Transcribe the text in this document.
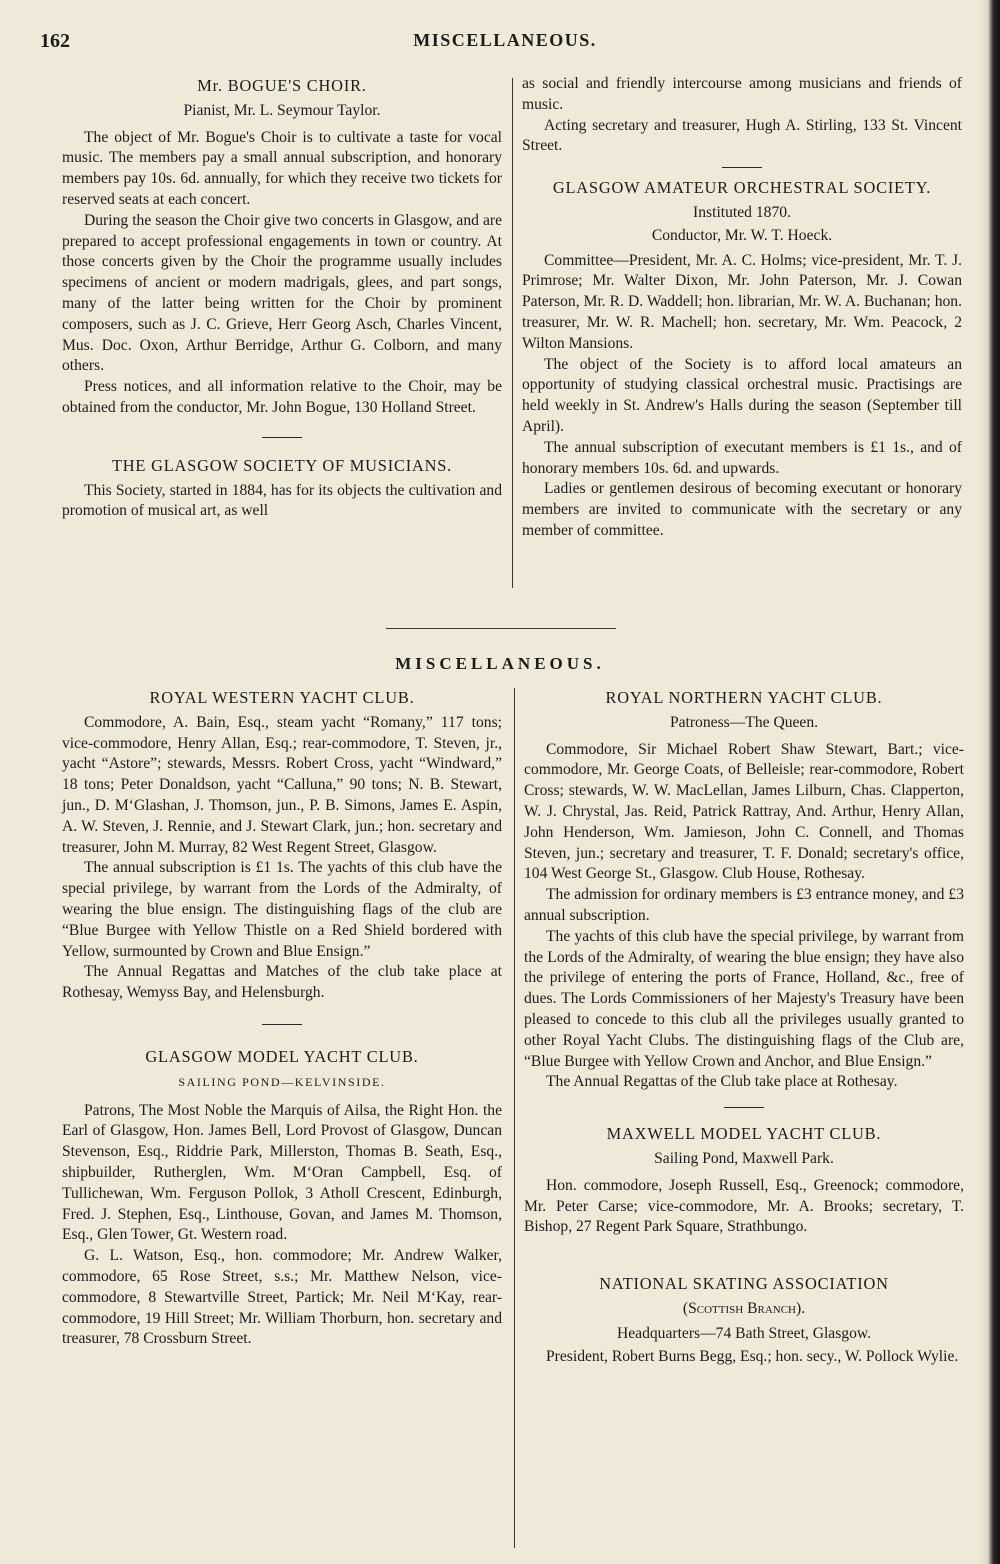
162	MISCELLANEOUS.
Mr. BOGUE'S CHOIR.
Pianist, Mr. L. Seymour Taylor.

The object of Mr. Bogue's Choir is to cultivate a taste for vocal music. The members pay a small annual subscription, and honorary members pay 10s. 6d. annually, for which they receive two tickets for reserved seats at each concert.

During the season the Choir give two concerts in Glasgow, and are prepared to accept professional engagements in town or country. At those concerts given by the Choir the programme usually includes specimens of ancient or modern madrigals, glees, and part songs, many of the latter being written for the Choir by prominent composers, such as J. C. Grieve, Herr Georg Asch, Charles Vincent, Mus. Doc. Oxon, Arthur Berridge, Arthur G. Colborn, and many others.

Press notices, and all information relative to the Choir, may be obtained from the conductor, Mr. John Bogue, 130 Holland Street.

THE GLASGOW SOCIETY OF MUSICIANS.

This Society, started in 1884, has for its objects the cultivation and promotion of musical art, as well

as social and friendly intercourse among musicians and friends of music.

Acting secretary and treasurer, Hugh A. Stirling, 133 St. Vincent Street.

GLASGOW AMATEUR ORCHESTRAL SOCIETY.
Instituted 1870.
Conductor, Mr. W. T. Hoeck.

Committee—President, Mr. A. C. Holms; vice-president, Mr. T. J. Primrose; Mr. Walter Dixon, Mr. John Paterson, Mr. J. Cowan Paterson, Mr. R. D. Waddell; hon. librarian, Mr. W. A. Buchanan; hon. treasurer, Mr. W. R. Machell; hon. secretary, Mr. Wm. Peacock, 2 Wilton Mansions.

The object of the Society is to afford local amateurs an opportunity of studying classical orchestral music. Practisings are held weekly in St. Andrew's Halls during the season (September till April).

The annual subscription of executant members is £1 1s., and of honorary members 10s. 6d. and upwards.

Ladies or gentlemen desirous of becoming executant or honorary members are invited to communicate with the secretary or any member of committee.

MISCELLANEOUS.
ROYAL WESTERN YACHT CLUB.

Commodore, A. Bain, Esq., steam yacht “Romany,” 117 tons; vice-commodore, Henry Allan, Esq.; rear-commodore, T. Steven, jr., yacht “Astore”; stewards, Messrs. Robert Cross, yacht “Windward,” 18 tons; Peter Donaldson, yacht “Calluna,” 90 tons; N. B. Stewart, jun., D. M‘Glashan, J. Thomson, jun., P. B. Simons, James E. Aspin, A. W. Steven, J. Rennie, and J. Stewart Clark, jun.; hon. secretary and treasurer, John M. Murray, 82 West Regent Street, Glasgow.

The annual subscription is £1 1s. The yachts of this club have the special privilege, by warrant from the Lords of the Admiralty, of wearing the blue ensign. The distinguishing flags of the club are “Blue Burgee with Yellow Thistle on a Red Shield bordered with Yellow, surmounted by Crown and Blue Ensign.”

The Annual Regattas and Matches of the club take place at Rothesay, Wemyss Bay, and Helensburgh.

GLASGOW MODEL YACHT CLUB.
SAILING POND—KELVINSIDE.

Patrons, The Most Noble the Marquis of Ailsa, the Right Hon. the Earl of Glasgow, Hon. James Bell, Lord Provost of Glasgow, Duncan Stevenson, Esq., Riddrie Park, Millerston, Thomas B. Seath, Esq., shipbuilder, Rutherglen, Wm. M‘Oran Campbell, Esq. of Tullichewan, Wm. Ferguson Pollok, 3 Atholl Crescent, Edinburgh, Fred. J. Stephen, Esq., Linthouse, Govan, and James M. Thomson, Esq., Glen Tower, Gt. Western road.

G. L. Watson, Esq., hon. commodore; Mr. Andrew Walker, commodore, 65 Rose Street, s.s.; Mr. Matthew Nelson, vice-commodore, 8 Stewartville Street, Partick; Mr. Neil M‘Kay, rear-commodore, 19 Hill Street; Mr. William Thorburn, hon. secretary and treasurer, 78 Crossburn Street.

ROYAL NORTHERN YACHT CLUB.
Patroness—The Queen.

Commodore, Sir Michael Robert Shaw Stewart, Bart.; vice-commodore, Mr. George Coats, of Belleisle; rear-commodore, Robert Cross; stewards, W. W. MacLellan, James Lilburn, Chas. Clapperton, W. J. Chrystal, Jas. Reid, Patrick Rattray, And. Arthur, Henry Allan, John Henderson, Wm. Jamieson, John C. Connell, and Thomas Steven, jun.; secretary and treasurer, T. F. Donald; secretary's office, 104 West George St., Glasgow. Club House, Rothesay.

The admission for ordinary members is £3 entrance money, and £3 annual subscription.

The yachts of this club have the special privilege, by warrant from the Lords of the Admiralty, of wearing the blue ensign; they have also the privilege of entering the ports of France, Holland, &c., free of dues. The Lords Commissioners of her Majesty's Treasury have been pleased to concede to this club all the privileges usually granted to other Royal Yacht Clubs. The distinguishing flags of the Club are, “Blue Burgee with Yellow Crown and Anchor, and Blue Ensign.”

The Annual Regattas of the Club take place at Rothesay.

MAXWELL MODEL YACHT CLUB.
Sailing Pond, Maxwell Park.

Hon. commodore, Joseph Russell, Esq., Greenock; commodore, Mr. Peter Carse; vice-commodore, Mr. A. Brooks; secretary, T. Bishop, 27 Regent Park Square, Strathbungo.

NATIONAL SKATING ASSOCIATION
(Scottish Branch).
Headquarters—74 Bath Street, Glasgow.

President, Robert Burns Begg, Esq.; hon. secy., W. Pollock Wylie.
